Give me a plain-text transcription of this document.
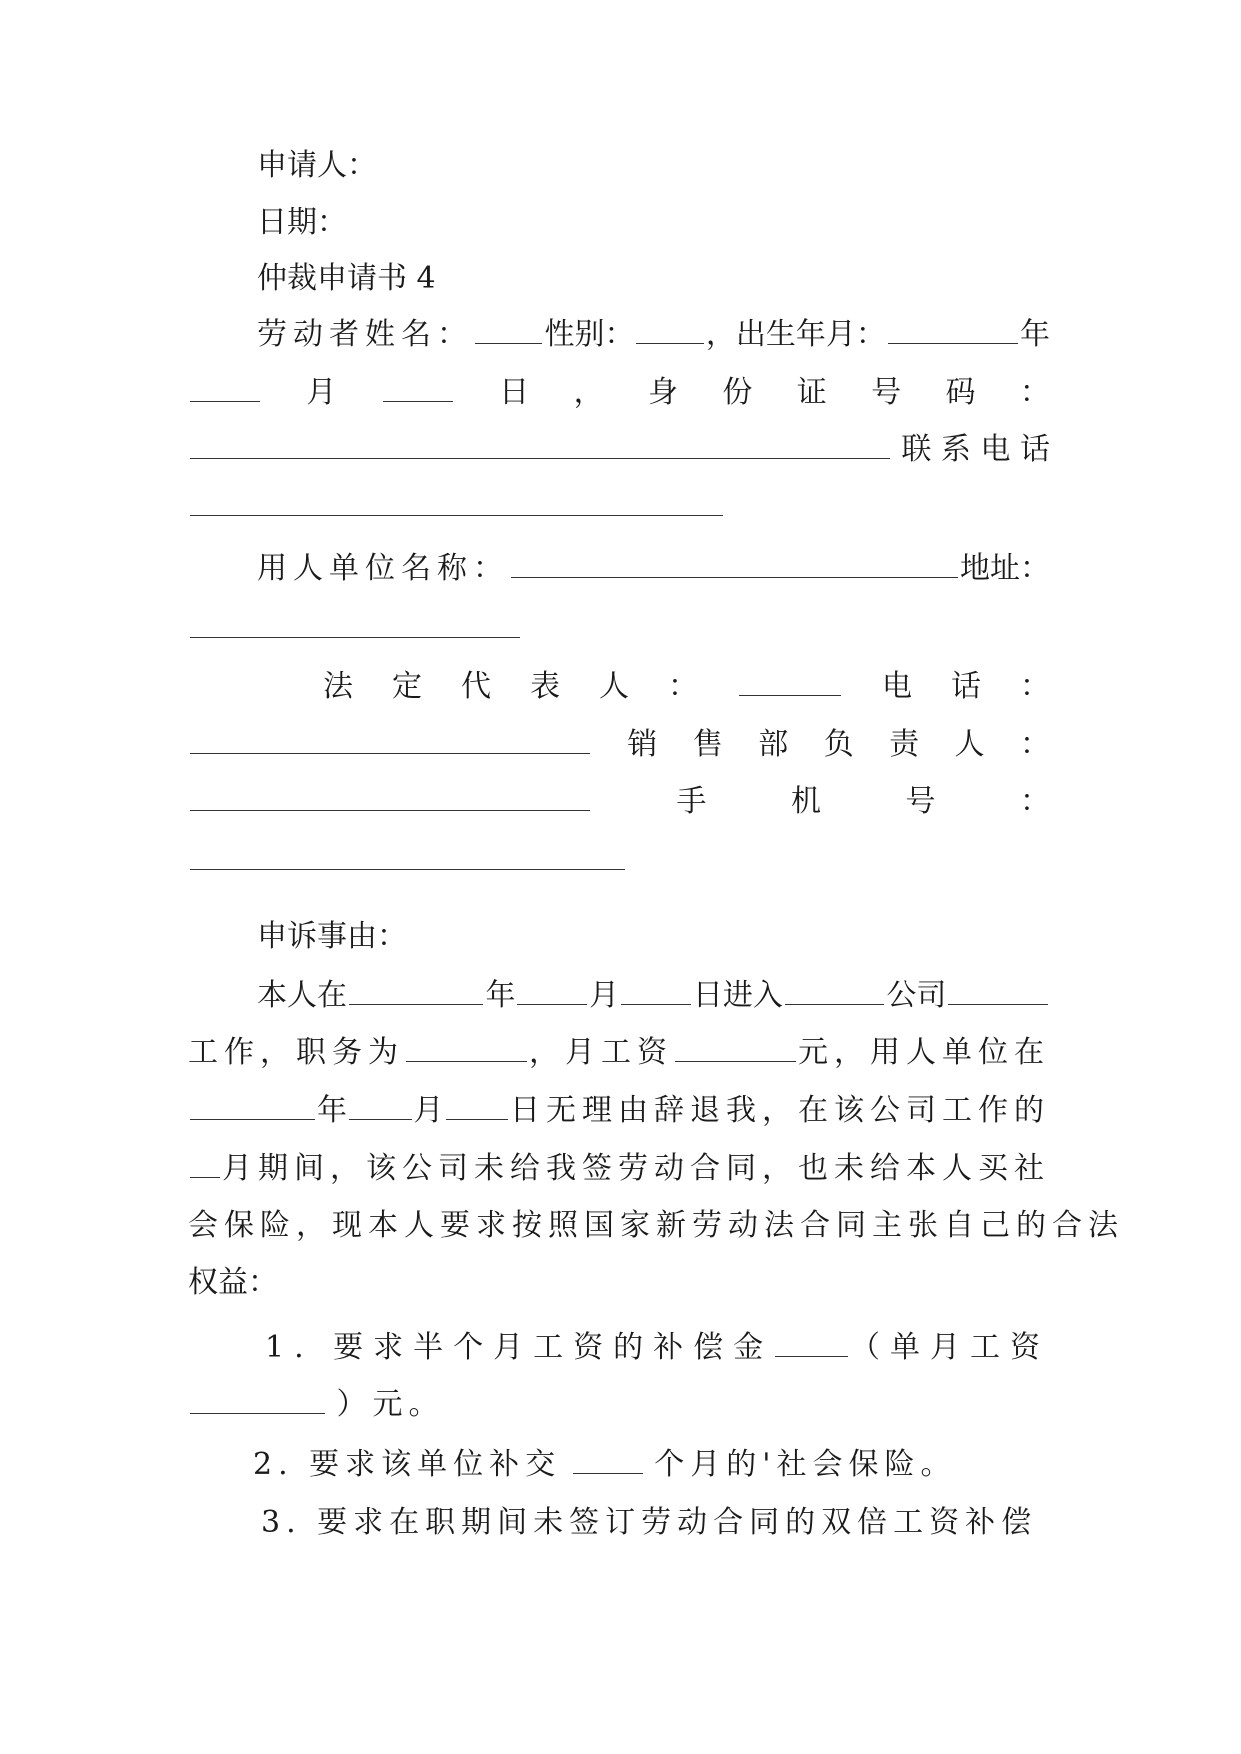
申请人：
日期：
仲裁申请书 4
劳动者姓名： 性别： ，出生年月：	年
月	日 ， 身 份 证 号 码 ：
联 系 电 话
用人单位名称：	地址：
法 定 代 表 人 ：	电 话 ：
销 售 部 负 责 人 ：
手	机	号	：
申诉事由：
本人在	年 月 日进入	公司
工作，职务为	，月工资	元，用人单位在
年 月 日无理由辞退我，在该公司工作的
月期间，该公司未给我签劳动合同，也未给本人买社
会保险，现本人要求按照国家新劳动法合同主张自己的合法
权益：
1. 要求半个月工资的补偿金	（单月工资
）元。
2. 要求该单位补交	个月的'社会保险。
3. 要求在职期间未签订劳动合同的双倍工资补偿
